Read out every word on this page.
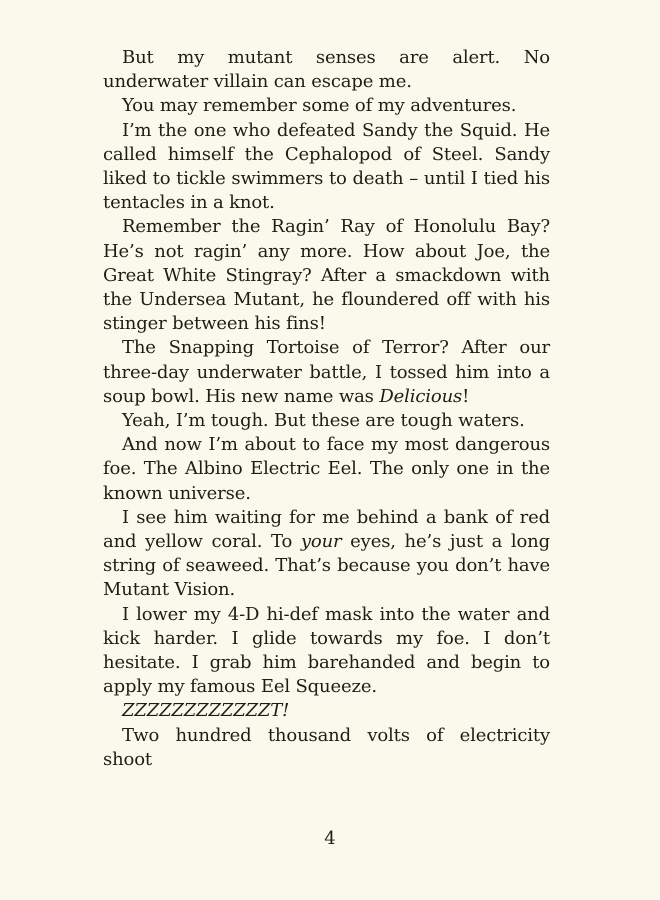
But my mutant senses are alert. No underwater villain can escape me.

You may remember some of my adventures.

I’m the one who defeated Sandy the Squid. He called himself the Cephalopod of Steel. Sandy liked to tickle swimmers to death – until I tied his tentacles in a knot.

Remember the Ragin’ Ray of Honolulu Bay? He’s not ragin’ any more. How about Joe, the Great White Stingray? After a smackdown with the Undersea Mutant, he floundered off with his stinger between his fins!

The Snapping Tortoise of Terror? After our three-day underwater battle, I tossed him into a soup bowl. His new name was Delicious!

Yeah, I’m tough. But these are tough waters.

And now I’m about to face my most dangerous foe. The Albino Electric Eel. The only one in the known universe.

I see him waiting for me behind a bank of red and yellow coral. To your eyes, he’s just a long string of seaweed. That’s because you don’t have Mutant Vision.

I lower my 4-D hi-def mask into the water and kick harder. I glide towards my foe. I don’t hesitate. I grab him barehanded and begin to apply my famous Eel Squeeze.

ZZZZZZZZZZZZT!

Two hundred thousand volts of electricity shoot

4
